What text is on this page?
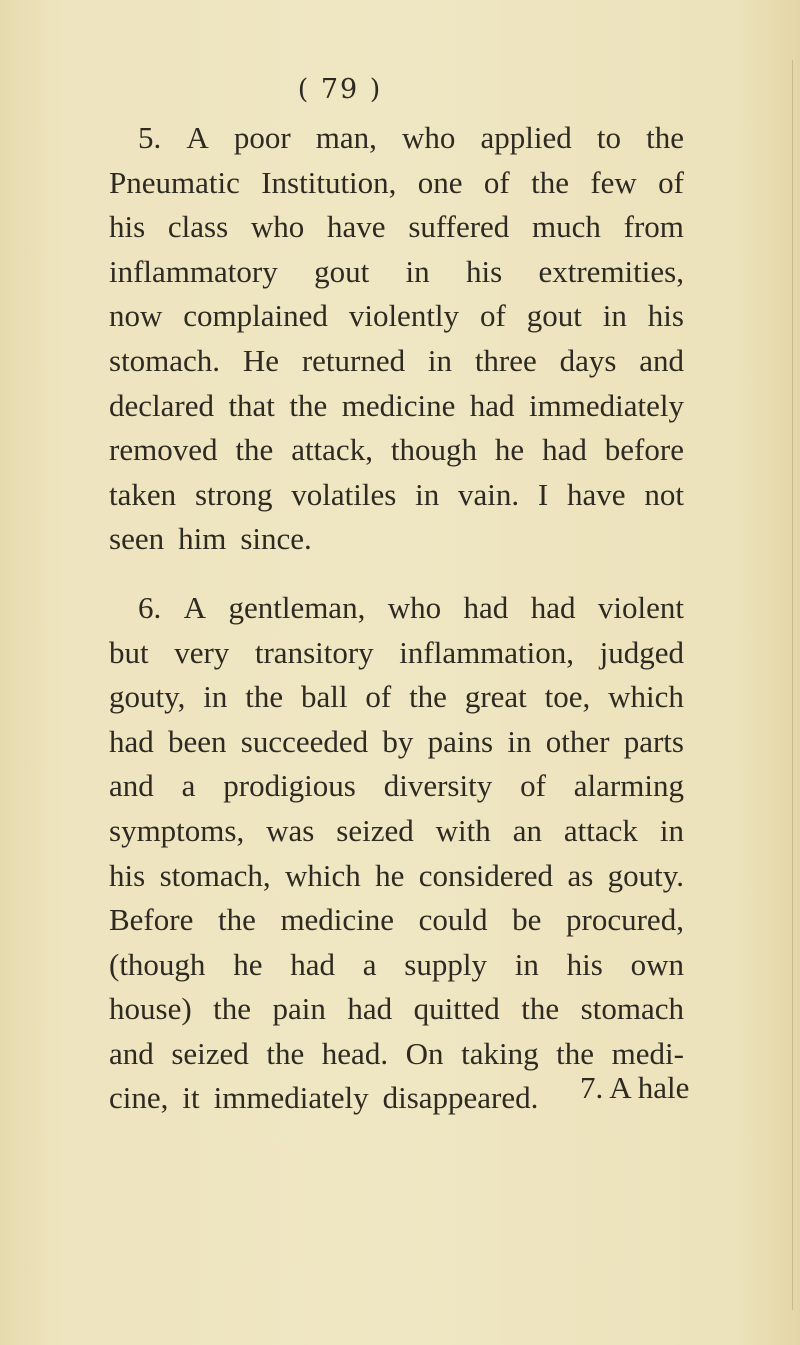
( 79 )
5. A poor man, who applied to the
Pneumatic Institution, one of the few of
his class who have suffered much from
inflammatory gout in his extremities,
now complained violently of gout in his
stomach. He returned in three days and
declared that the medicine had immediately
removed the attack, though he had before
taken strong volatiles in vain. I have not
seen him since.
6. A gentleman, who had had violent
but very transitory inflammation, judged
gouty, in the ball of the great toe, which
had been succeeded by pains in other parts
and a prodigious diversity of alarming
symptoms, was seized with an attack in
his stomach, which he considered as gouty.
Before the medicine could be procured,
(though he had a supply in his own
house) the pain had quitted the stomach
and seized the head. On taking the medi-
cine, it immediately disappeared. 7. A hale
